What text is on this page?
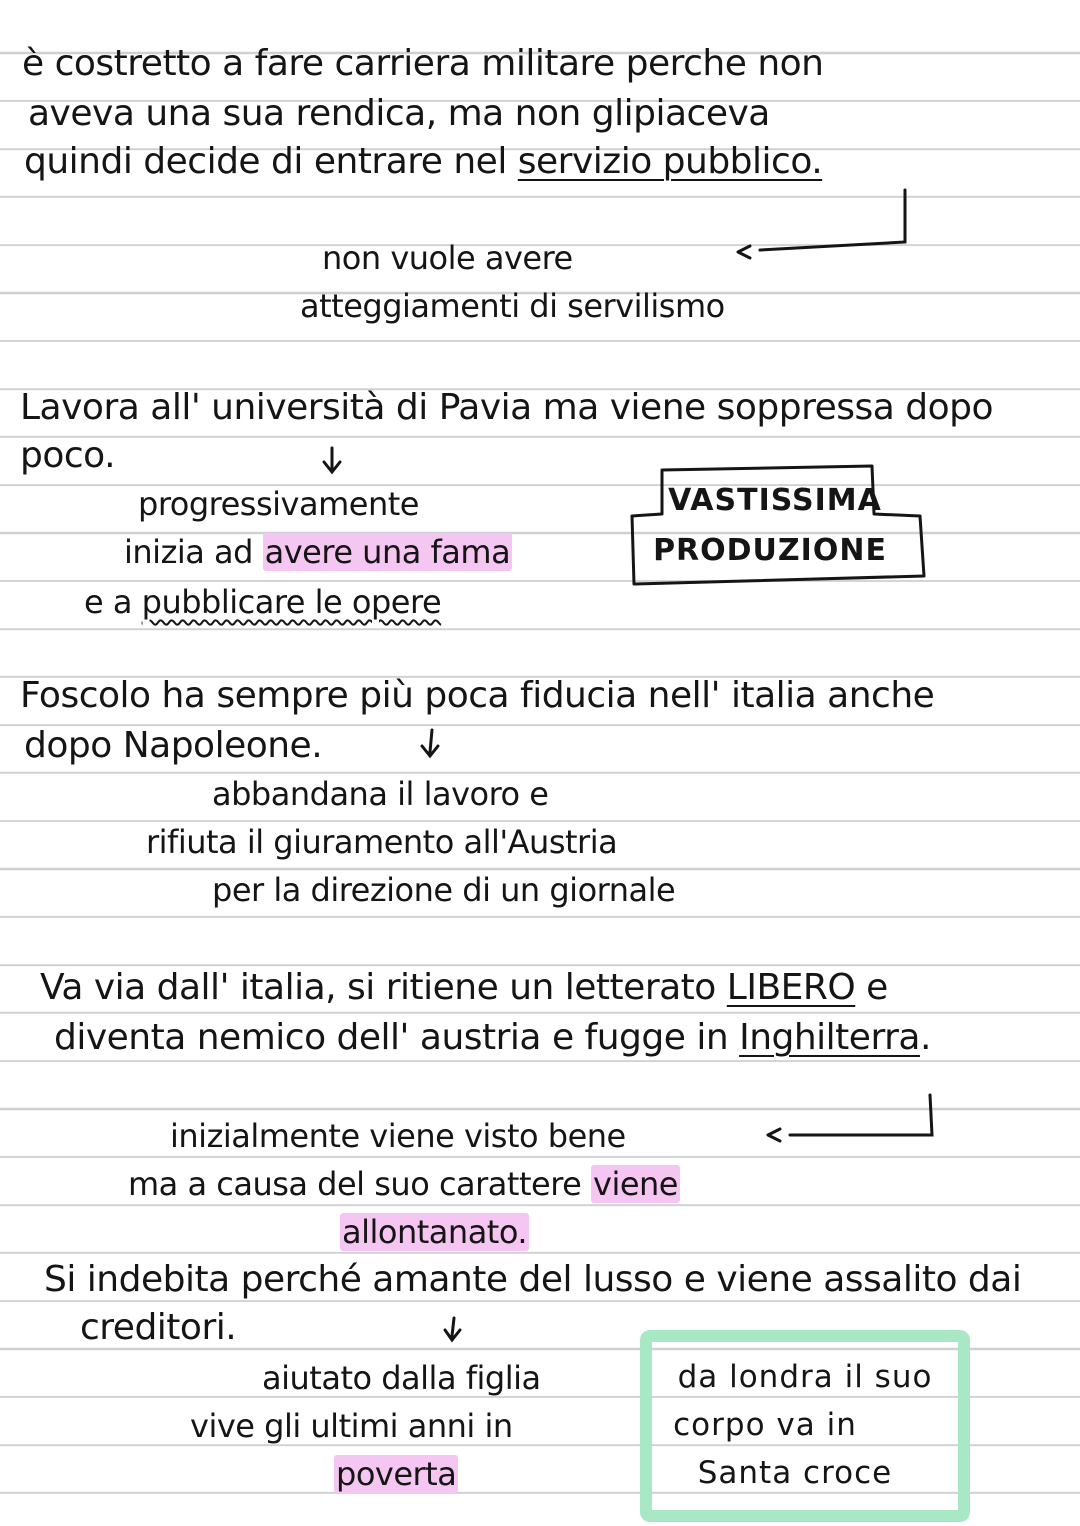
è costretto a fare carriera militare perche non
aveva una sua rendica, ma non glipiaceva
quindi decide di entrare nel servizio pubblico.
non vuole avere
atteggiamenti di servilismo
Lavora all' università di Pavia ma viene soppressa dopo
poco.
progressivamente
inizia ad avere una fama
e a pubblicare le opere
VASTISSIMA
PRODUZIONE
Foscolo ha sempre più poca fiducia nell' italia anche
dopo Napoleone.
abbandana il lavoro e
rifiuta il giuramento all'Austria
per la direzione di un giornale
Va via dall' italia, si ritiene un letterato LIBERO e
diventa nemico dell' austria e fugge in Inghilterra.
inizialmente viene visto bene
ma a causa del suo carattere viene
allontanato.
Si indebita perché amante del lusso e viene assalito dai
creditori.
aiutato dalla figlia
vive gli ultimi anni in
poverta
da londra il suo
corpo va in
Santa croce
